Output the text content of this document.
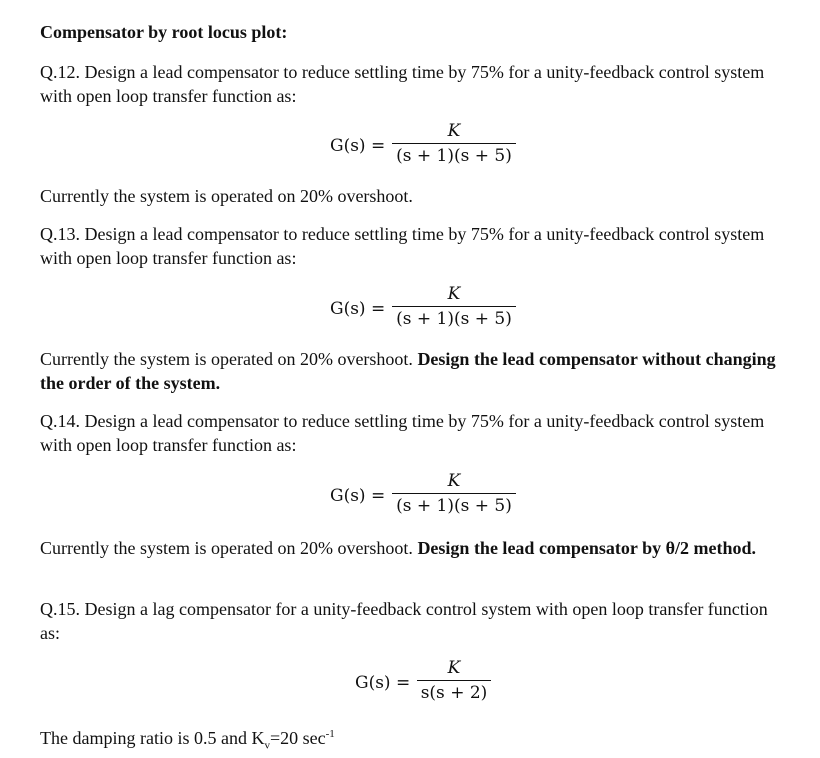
Compensator by root locus plot:
Q.12. Design a lead compensator to reduce settling time by 75% for a unity-feedback control system with open loop transfer function as:
G(s) =
K
(s + 1)(s + 5)
Currently the system is operated on 20% overshoot.
Q.13. Design a lead compensator to reduce settling time by 75% for a unity-feedback control system with open loop transfer function as:
G(s) =
K
(s + 1)(s + 5)
Currently the system is operated on 20% overshoot. Design the lead compensator without changing the order of the system.
Q.14. Design a lead compensator to reduce settling time by 75% for a unity-feedback control system with open loop transfer function as:
G(s) =
K
(s + 1)(s + 5)
Currently the system is operated on 20% overshoot. Design the lead compensator by θ/2 method.
Q.15. Design a lag compensator for a unity-feedback control system with open loop transfer function as:
G(s) =
K
s(s + 2)
The damping ratio is 0.5 and $K_v=20$ $\sec^{-1}$
